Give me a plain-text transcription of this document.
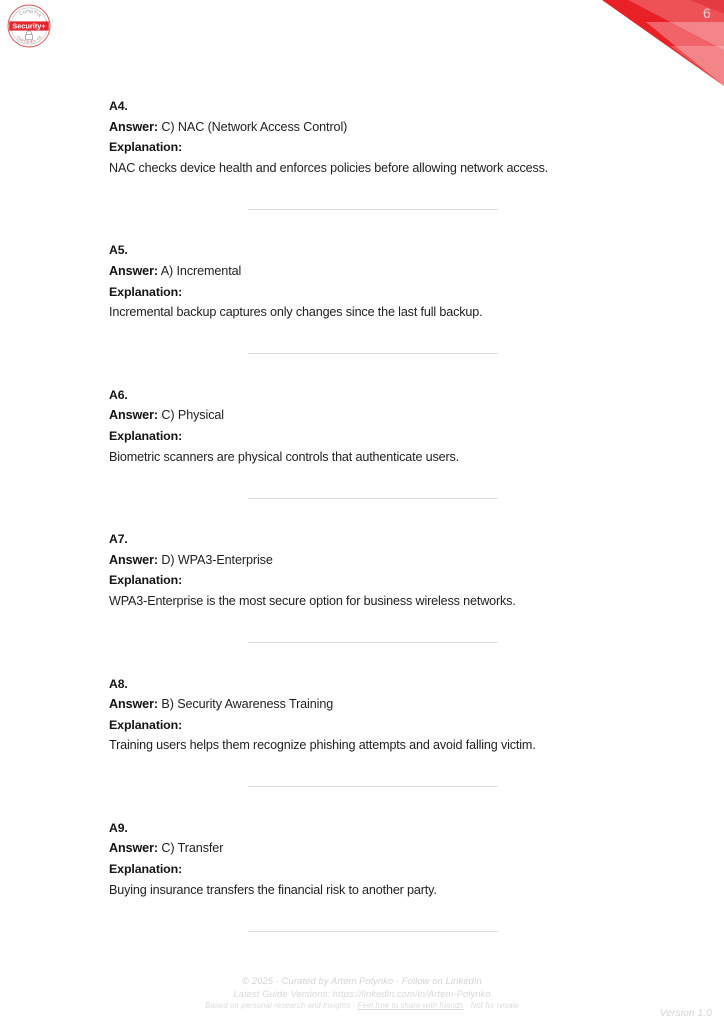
CompTIA
Security+
CERTIFIED CE
6
A4.
Answer: C) NAC (Network Access Control)
Explanation:
NAC checks device health and enforces policies before allowing network access.
A5.
Answer: A) Incremental
Explanation:
Incremental backup captures only changes since the last full backup.
A6.
Answer: C) Physical
Explanation:
Biometric scanners are physical controls that authenticate users.
A7.
Answer: D) WPA3-Enterprise
Explanation:
WPA3-Enterprise is the most secure option for business wireless networks.
A8.
Answer: B) Security Awareness Training
Explanation:
Training users helps them recognize phishing attempts and avoid falling victim.
A9.
Answer: C) Transfer
Explanation:
Buying insurance transfers the financial risk to another party.
© 2025 · Curated by Artem Polynko · Follow on LinkedIn
Latest Guide Versions: https://linkedin.com/in/Artem-Polynko
Based on personal research and insights · Feel free to share with friends · Not for resale
Version 1.0
